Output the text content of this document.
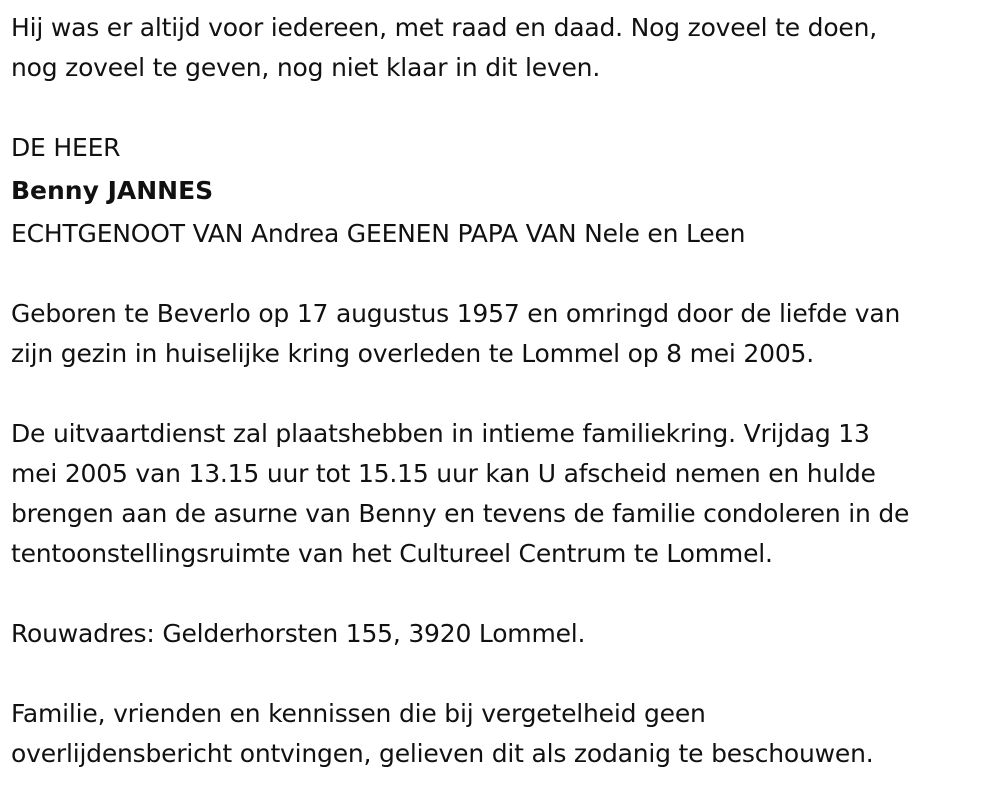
Hij was er altijd voor iedereen, met raad en daad. Nog zoveel te doen,

nog zoveel te geven, nog niet klaar in dit leven.

DE HEER

Benny JANNES

ECHTGENOOT VAN Andrea GEENEN PAPA VAN Nele en Leen

Geboren te Beverlo op 17 augustus 1957 en omringd door de liefde van

zijn gezin in huiselijke kring overleden te Lommel op 8 mei 2005.

De uitvaartdienst zal plaatshebben in intieme familiekring. Vrijdag 13

mei 2005 van 13.15 uur tot 15.15 uur kan U afscheid nemen en hulde

brengen aan de asurne van Benny en tevens de familie condoleren in de

tentoonstellingsruimte van het Cultureel Centrum te Lommel.

Rouwadres: Gelderhorsten 155, 3920 Lommel.

Familie, vrienden en kennissen die bij vergetelheid geen

overlijdensbericht ontvingen, gelieven dit als zodanig te beschouwen.
